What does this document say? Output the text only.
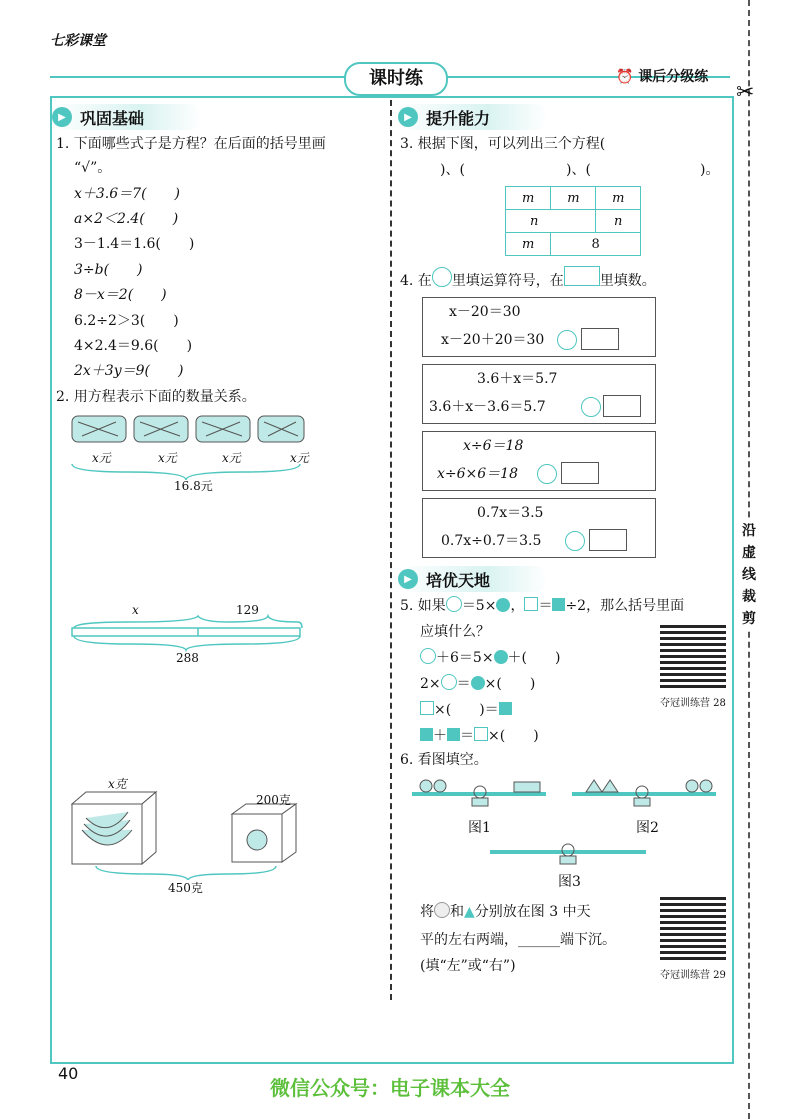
七彩课堂
课时练	⏰ 课后分级练
✂
沿虚线裁剪
▶ 巩固基础
1. 下面哪些式子是方程？在后面的括号里画
“√”。
x＋3.6＝7(　　)
a×2＜2.4(　　)
3－1.4＝1.6(　　)
3÷b(　　)
8－x＝2(　　)
6.2÷2＞3(　　)
4×2.4＝9.6(　　)
2x＋3y＝9(　　)
2. 用方程表示下面的数量关系。
x元	x元	x元	x元
16.8元
x	129
288
x克
200克
450克
▶ 提升能力
3. 根据下图，可以列出三个方程(
)、(	)、(	)。
m	m	m
n		n
m	8	
4. 在 里填运算符号，在	里填数。
x－20＝30
x－20＋20＝30
3.6＋x＝5.7
3.6＋x－3.6＝5.7
x÷6＝18
x÷6×6＝18
0.7x＝3.5
0.7x÷0.7＝3.5
▶ 培优天地
5. 如果 ＝5× ， ＝ ÷2，那么括号里面
应填什么？
＋6＝5× ＋(　　)
2× ＝ ×(　　)
×(　　)＝
＋ ＝ ×(　　)
夺冠训练营 28
6. 看图填空。
图1	图2
图3
将 和▲分别放在图 3 中天
平的左右两端，______端下沉。
(填“左”或“右”)
夺冠训练营 29
40
微信公众号：电子课本大全
